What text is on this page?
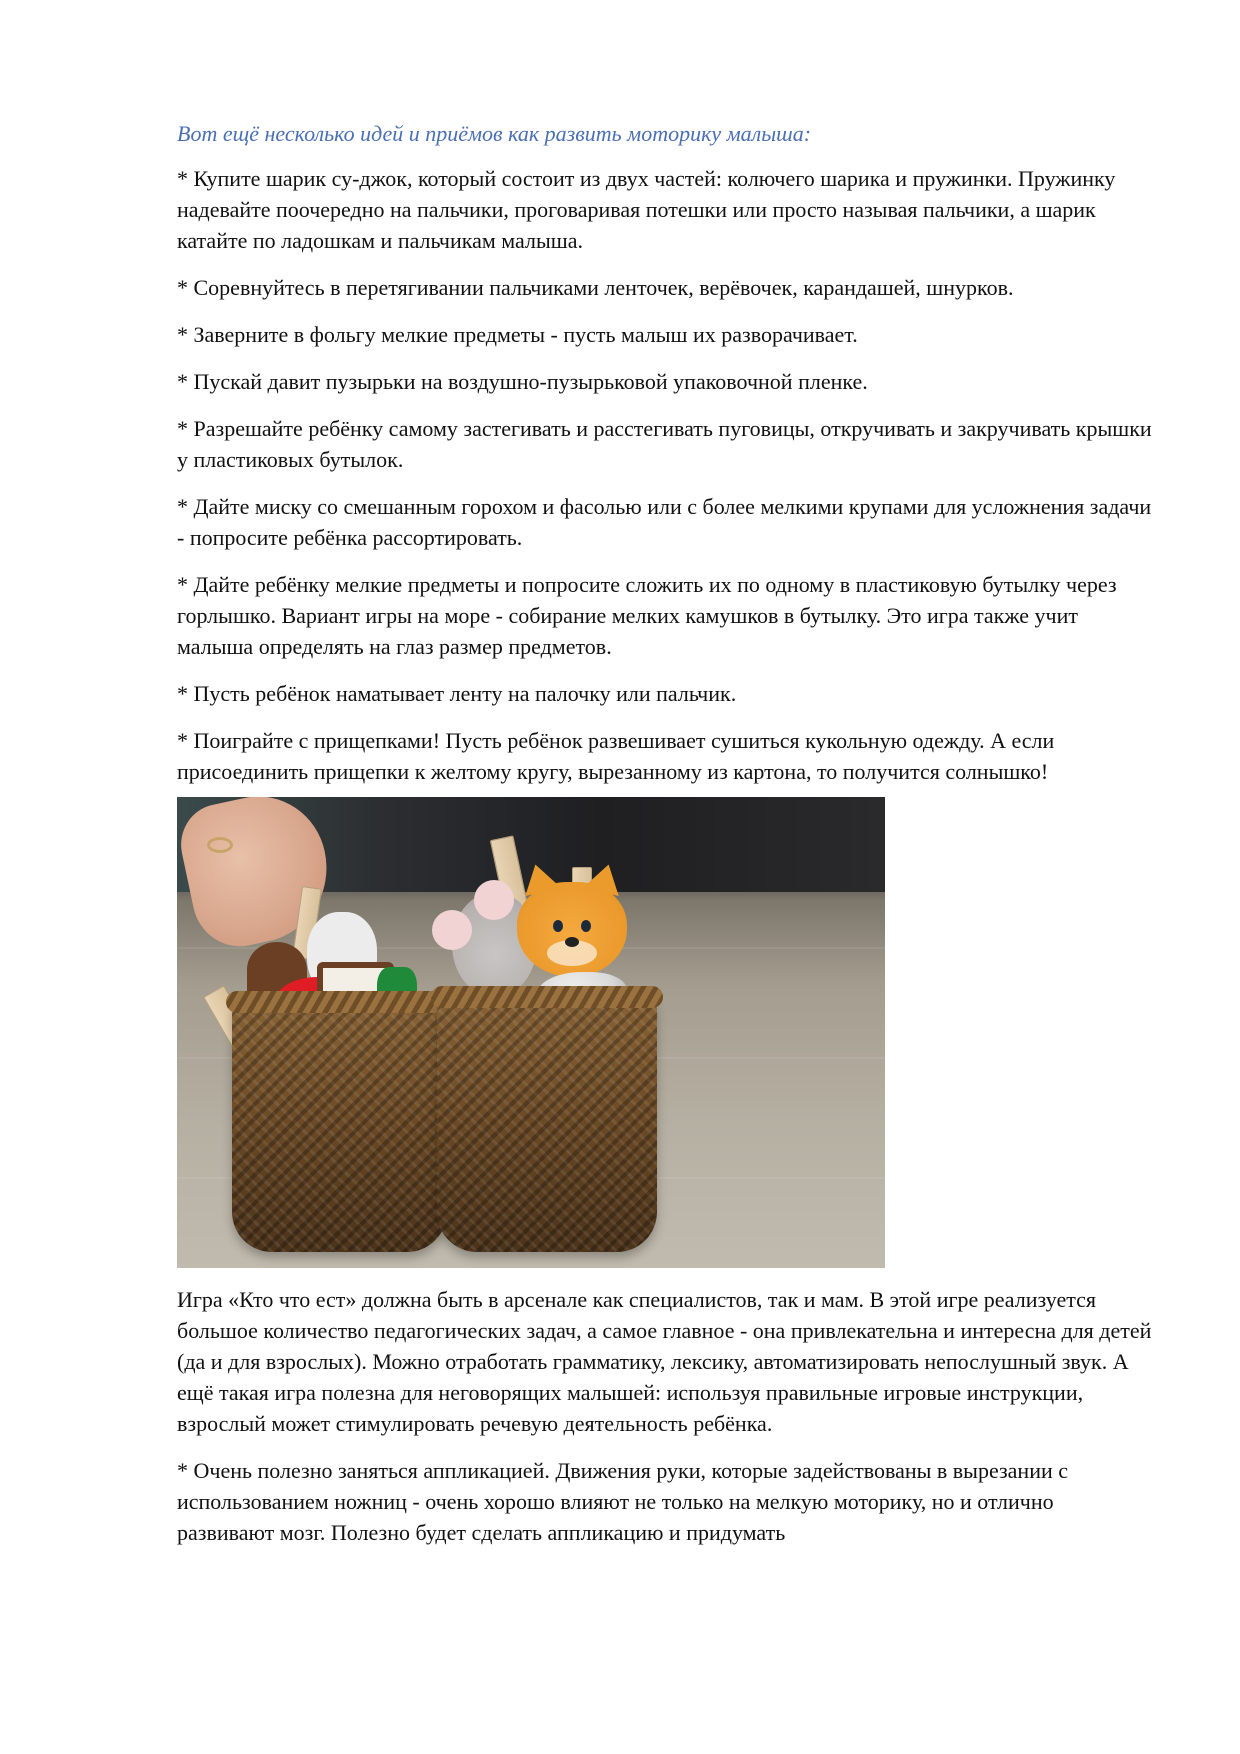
Вот ещё несколько идей и приёмов как развить моторику малыша:

* Купите шарик су-джок, который состоит из двух частей: колючего шарика и пружинки. Пружинку надевайте поочередно на пальчики, проговаривая потешки или просто называя пальчики, а шарик катайте по ладошкам и пальчикам малыша.

* Соревнуйтесь в перетягивании пальчиками ленточек, верёвочек, карандашей, шнурков.

* Заверните в фольгу мелкие предметы - пусть малыш их разворачивает.

* Пускай давит пузырьки на воздушно-пузырьковой упаковочной пленке.

* Разрешайте ребёнку самому застегивать и расстегивать пуговицы, откручивать и закручивать крышки у пластиковых бутылок.

* Дайте миску со смешанным горохом и фасолью или с более мелкими крупами для усложнения задачи - попросите ребёнка рассортировать.

* Дайте ребёнку мелкие предметы и попросите сложить их по одному в пластиковую бутылку через горлышко. Вариант игры на море - собирание мелких камушков в бутылку. Это игра также учит малыша определять на глаз размер предметов.

* Пусть ребёнок наматывает ленту на палочку или пальчик.

* Поиграйте с прищепками! Пусть ребёнок развешивает сушиться кукольную одежду. А если присоединить прищепки к желтому кругу, вырезанному из картона, то получится солнышко!

Игра «Кто что ест» должна быть в арсенале как специалистов, так и мам. В этой игре реализуется большое количество педагогических задач, а самое главное - она привлекательна и интересна для детей (да и для взрослых). Можно отработать грамматику, лексику, автоматизировать непослушный звук. А ещё такая игра полезна для неговорящих малышей: используя правильные игровые инструкции, взрослый может стимулировать речевую деятельность ребёнка.

* Очень полезно заняться аппликацией. Движения руки, которые задействованы в вырезании с использованием ножниц - очень хорошо влияют не только на мелкую моторику, но и отлично развивают мозг. Полезно будет сделать аппликацию и придумать
